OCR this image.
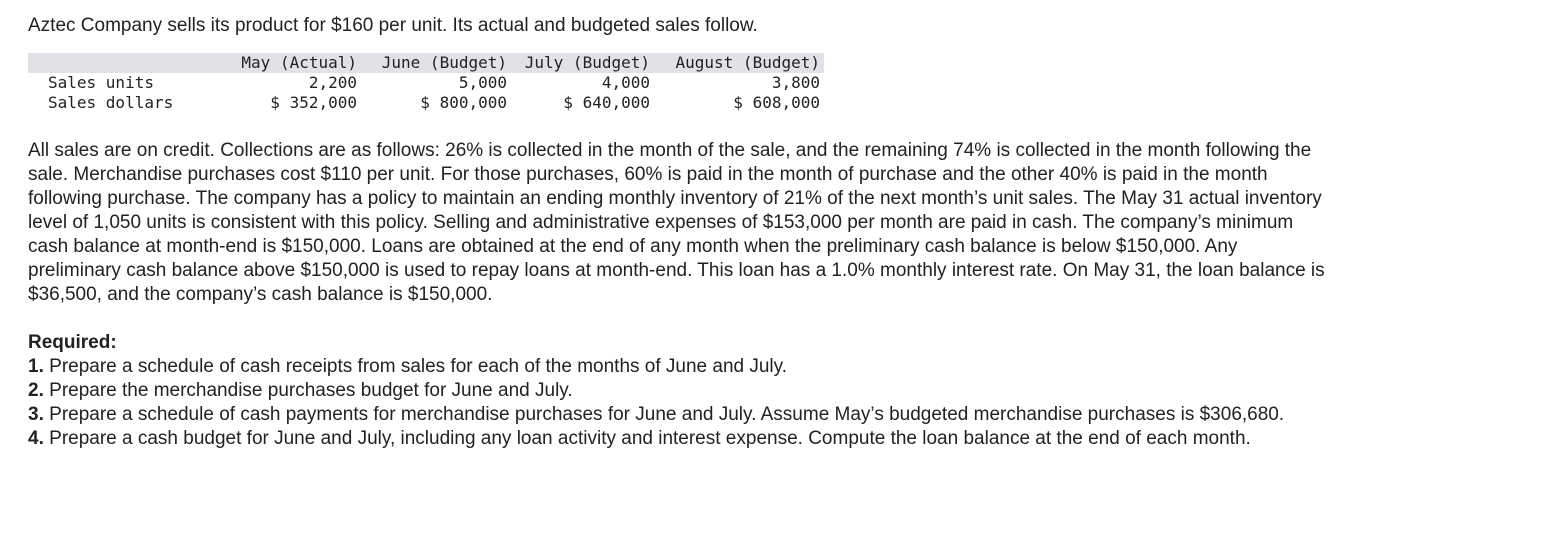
Aztec Company sells its product for $160 per unit. Its actual and budgeted sales follow.

	May (Actual)	June (Budget)	July (Budget)	August (Budget)
Sales units	2,200	5,000	4,000	3,800
Sales dollars	$ 352,000	$ 800,000	$ 640,000	$ 608,000

All sales are on credit. Collections are as follows: 26% is collected in the month of the sale, and the remaining 74% is collected in the month following the sale. Merchandise purchases cost $110 per unit. For those purchases, 60% is paid in the month of purchase and the other 40% is paid in the month following purchase. The company has a policy to maintain an ending monthly inventory of 21% of the next month’s unit sales. The May 31 actual inventory level of 1,050 units is consistent with this policy. Selling and administrative expenses of $153,000 per month are paid in cash. The company’s minimum cash balance at month-end is $150,000. Loans are obtained at the end of any month when the preliminary cash balance is below $150,000. Any preliminary cash balance above $150,000 is used to repay loans at month-end. This loan has a 1.0% monthly interest rate. On May 31, the loan balance is $36,500, and the company’s cash balance is $150,000.

Required:

1. Prepare a schedule of cash receipts from sales for each of the months of June and July.

2. Prepare the merchandise purchases budget for June and July.

3. Prepare a schedule of cash payments for merchandise purchases for June and July. Assume May’s budgeted merchandise purchases is $306,680.

4. Prepare a cash budget for June and July, including any loan activity and interest expense. Compute the loan balance at the end of each month.
